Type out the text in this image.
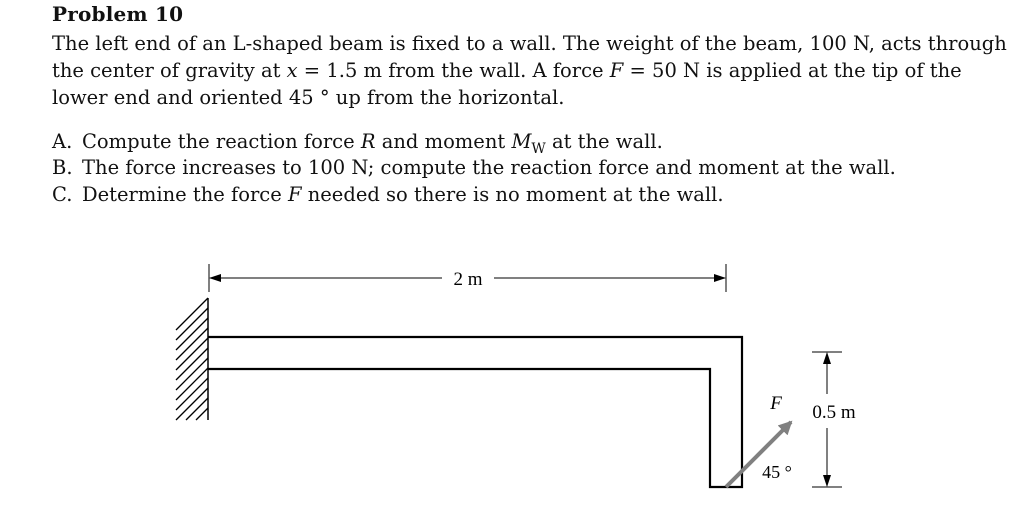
Problem 10
The left end of an L-shaped beam is fixed to a wall. The weight of the beam, 100 N, acts through the center of gravity at x = 1.5 m from the wall. A force F = 50 N is applied at the tip of the lower end and oriented 45 ° up from the horizontal.
A. Compute the reaction force R and moment $M_W$ at the wall.
B. The force increases to 100 N; compute the reaction force and moment at the wall.
C. Determine the force F needed so there is no moment at the wall.
2 m
0.5 m
F
45 °
